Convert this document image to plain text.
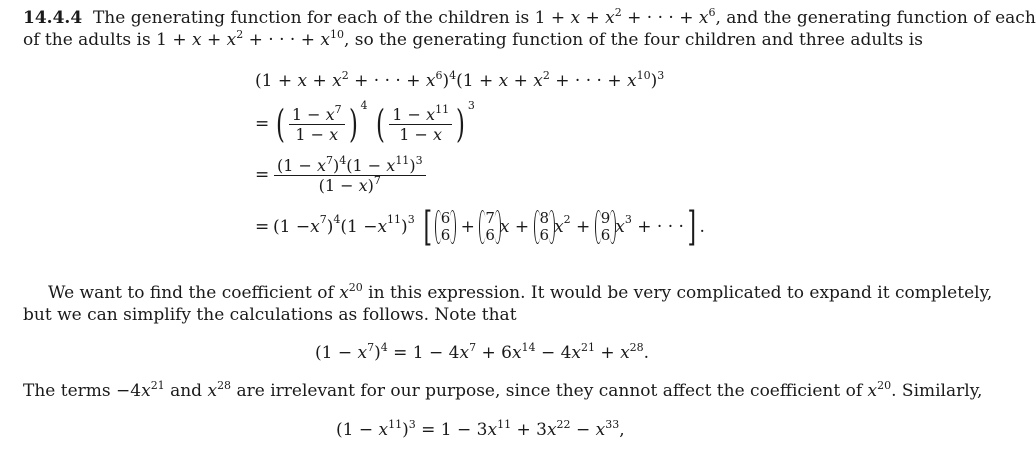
14.4.4  The generating function for each of the children is $1 + x + x^2$ + · · · + $x^6$, and the generating function of each
of the adults is $1 + x + x^2$ + · · · + $x^{10}$, so the generating function of the four children and three adults is
($1 + x + x^2$ + · · · + $x^6)^4(1 + x + x^2$ + · · · + $x^{10})^3$
= ( $\frac{1 - x^7}{1 - x}$ ) $^4$ ( $\frac{1 - x^{11}}{1 - x}$ ) $^3$
= $\frac{(1 - x^7)^4(1 - x^{11})^3}{(1 - x)^7}$
= ($1 - x^7$ )$^4$ ($1 - x^{11}$ )$^3$
[ 6
6 + 7
6 x + 8
6 $x^2 + 9$
6 $x^3$ + · · · ] .
We want to find the coefficient of $x^{20}$ in this expression. It would be very complicated to expand it completely,
but we can simplify the calculations as follows. Note that
$(1 - x^7)^4 = 1 - 4x^7 + 6x^{14} - 4x^{21} + x^{28}$.
The terms $-4x^{21}$ and $x^{28}$ are irrelevant for our purpose, since they cannot affect the coefficient of $x^{20}$. Similarly,
$(1 - x^{11})^3 = 1 - 3x^{11} + 3x^{22} - x^{33}$,
